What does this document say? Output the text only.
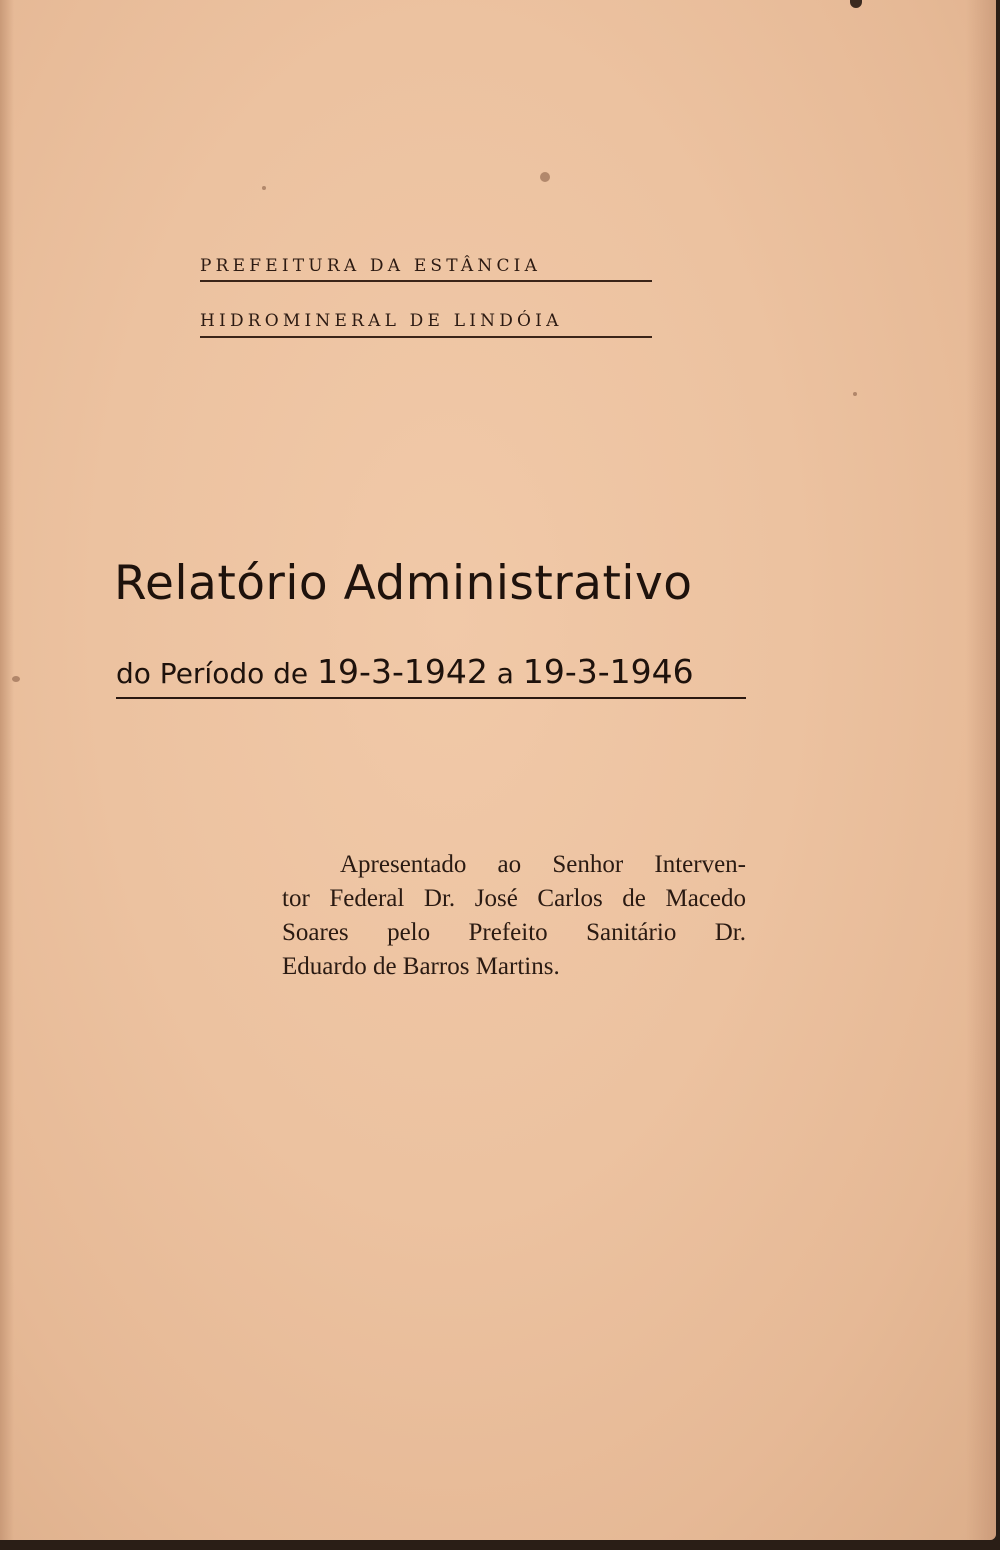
PREFEITURA DA ESTÂNCIA
HIDROMINERAL DE LINDÓIA
Relatório Administrativo
do Período de 19-3-1942 a 19-3-1946
Apresentado ao Senhor Interven-
tor Federal Dr. José Carlos de Macedo
Soares pelo Prefeito Sanitário Dr.
Eduardo de Barros Martins.
